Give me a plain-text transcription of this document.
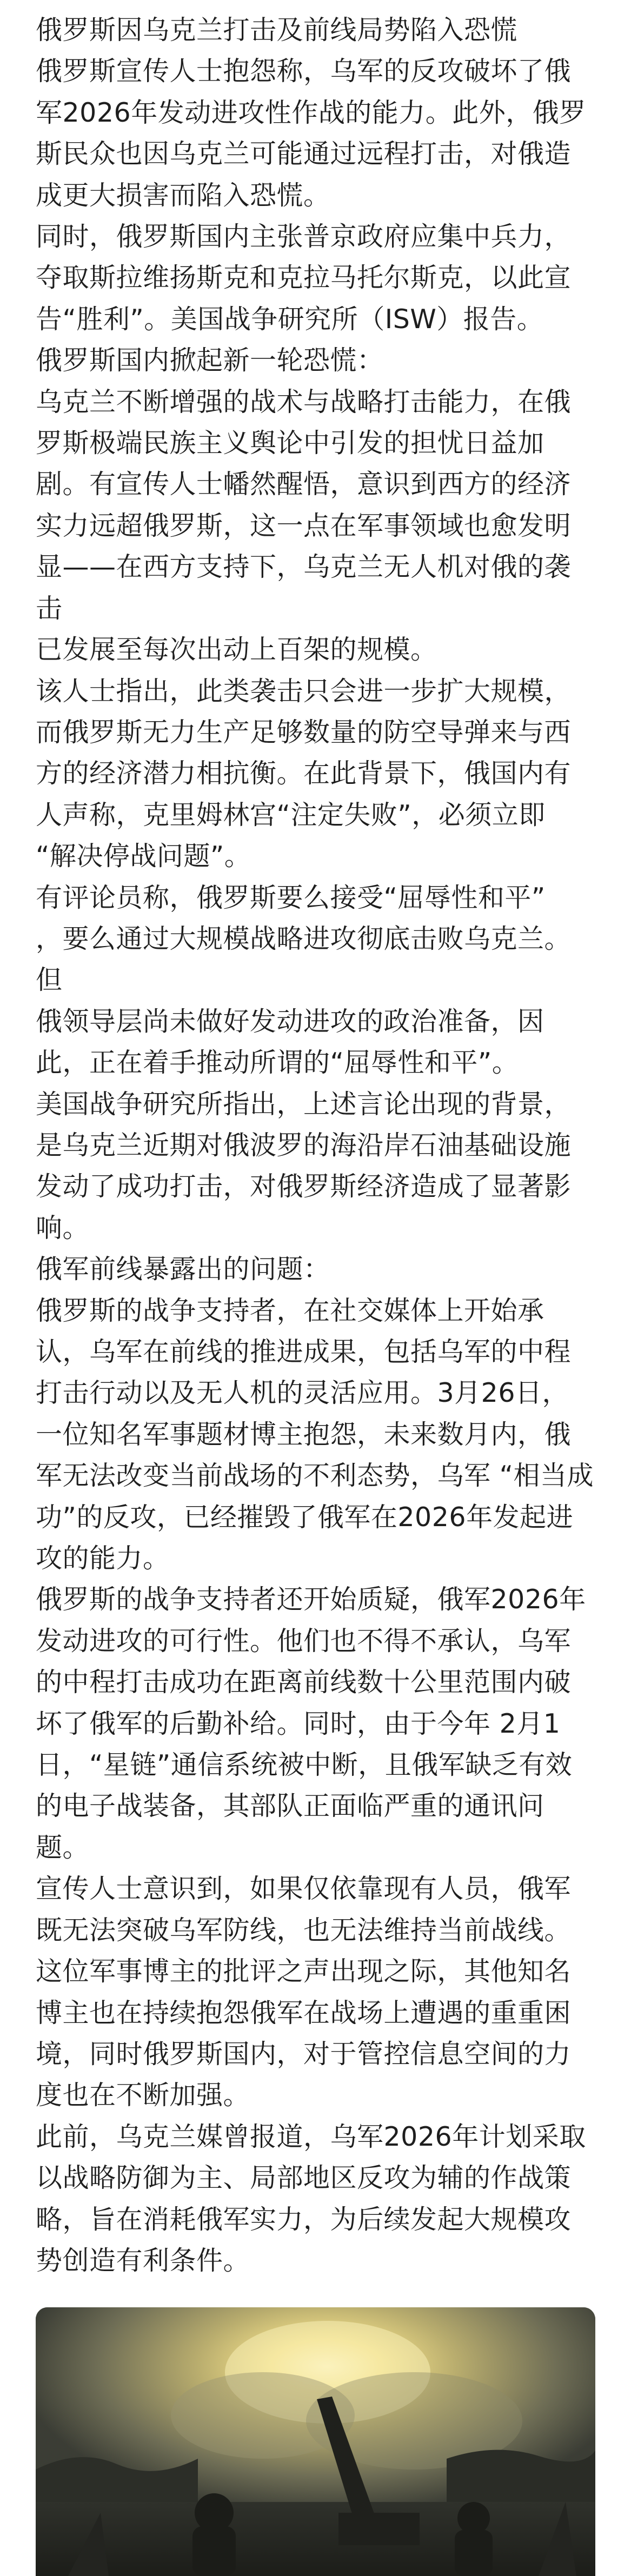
俄罗斯因乌克兰打击及前线局势陷入恐慌

俄罗斯宣传人士抱怨称，乌军的反攻破坏了俄
军2026年发动进攻性作战的能力。此外，俄罗
斯民众也因乌克兰可能通过远程打击，对俄造
成更大损害而陷入恐慌。

同时，俄罗斯国内主张普京政府应集中兵力，
夺取斯拉维扬斯克和克拉马托尔斯克，以此宣
告“胜利”。美国战争研究所（ISW）报告。

俄罗斯国内掀起新一轮恐慌：

乌克兰不断增强的战术与战略打击能力，在俄
罗斯极端民族主义舆论中引发的担忧日益加
剧。有宣传人士幡然醒悟，意识到西方的经济
实力远超俄罗斯，这一点在军事领域也愈发明
显——在西方支持下，乌克兰无人机对俄的袭击
已发展至每次出动上百架的规模。

该人士指出，此类袭击只会进一步扩大规模，
而俄罗斯无力生产足够数量的防空导弹来与西
方的经济潜力相抗衡。在此背景下，俄国内有
人声称，克里姆林宫“注定失败”，必须立即
“解决停战问题”。

有评论员称，俄罗斯要么接受“屈辱性和平”
，要么通过大规模战略进攻彻底击败乌克兰。但
俄领导层尚未做好发动进攻的政治准备，因
此，正在着手推动所谓的“屈辱性和平”。

美国战争研究所指出，上述言论出现的背景，
是乌克兰近期对俄波罗的海沿岸石油基础设施
发动了成功打击，对俄罗斯经济造成了显著影
响。

俄军前线暴露出的问题：

俄罗斯的战争支持者，在社交媒体上开始承
认，乌军在前线的推进成果，包括乌军的中程
打击行动以及无人机的灵活应用。3月26日，
一位知名军事题材博主抱怨，未来数月内，俄
军无法改变当前战场的不利态势，乌军 “相当成
功”的反攻，已经摧毁了俄军在2026年发起进
攻的能力。

俄罗斯的战争支持者还开始质疑，俄军2026年
发动进攻的可行性。他们也不得不承认，乌军
的中程打击成功在距离前线数十公里范围内破
坏了俄军的后勤补给。同时，由于今年 2月1
日，“星链”通信系统被中断，且俄军缺乏有效
的电子战装备，其部队正面临严重的通讯问题。

宣传人士意识到，如果仅依靠现有人员，俄军
既无法突破乌军防线，也无法维持当前战线。

这位军事博主的批评之声出现之际，其他知名
博主也在持续抱怨俄军在战场上遭遇的重重困
境，同时俄罗斯国内，对于管控信息空间的力
度也在不断加强。

此前，乌克兰媒曾报道，乌军2026年计划采取
以战略防御为主、局部地区反攻为辅的作战策
略，旨在消耗俄军实力，为后续发起大规模攻
势创造有利条件。
